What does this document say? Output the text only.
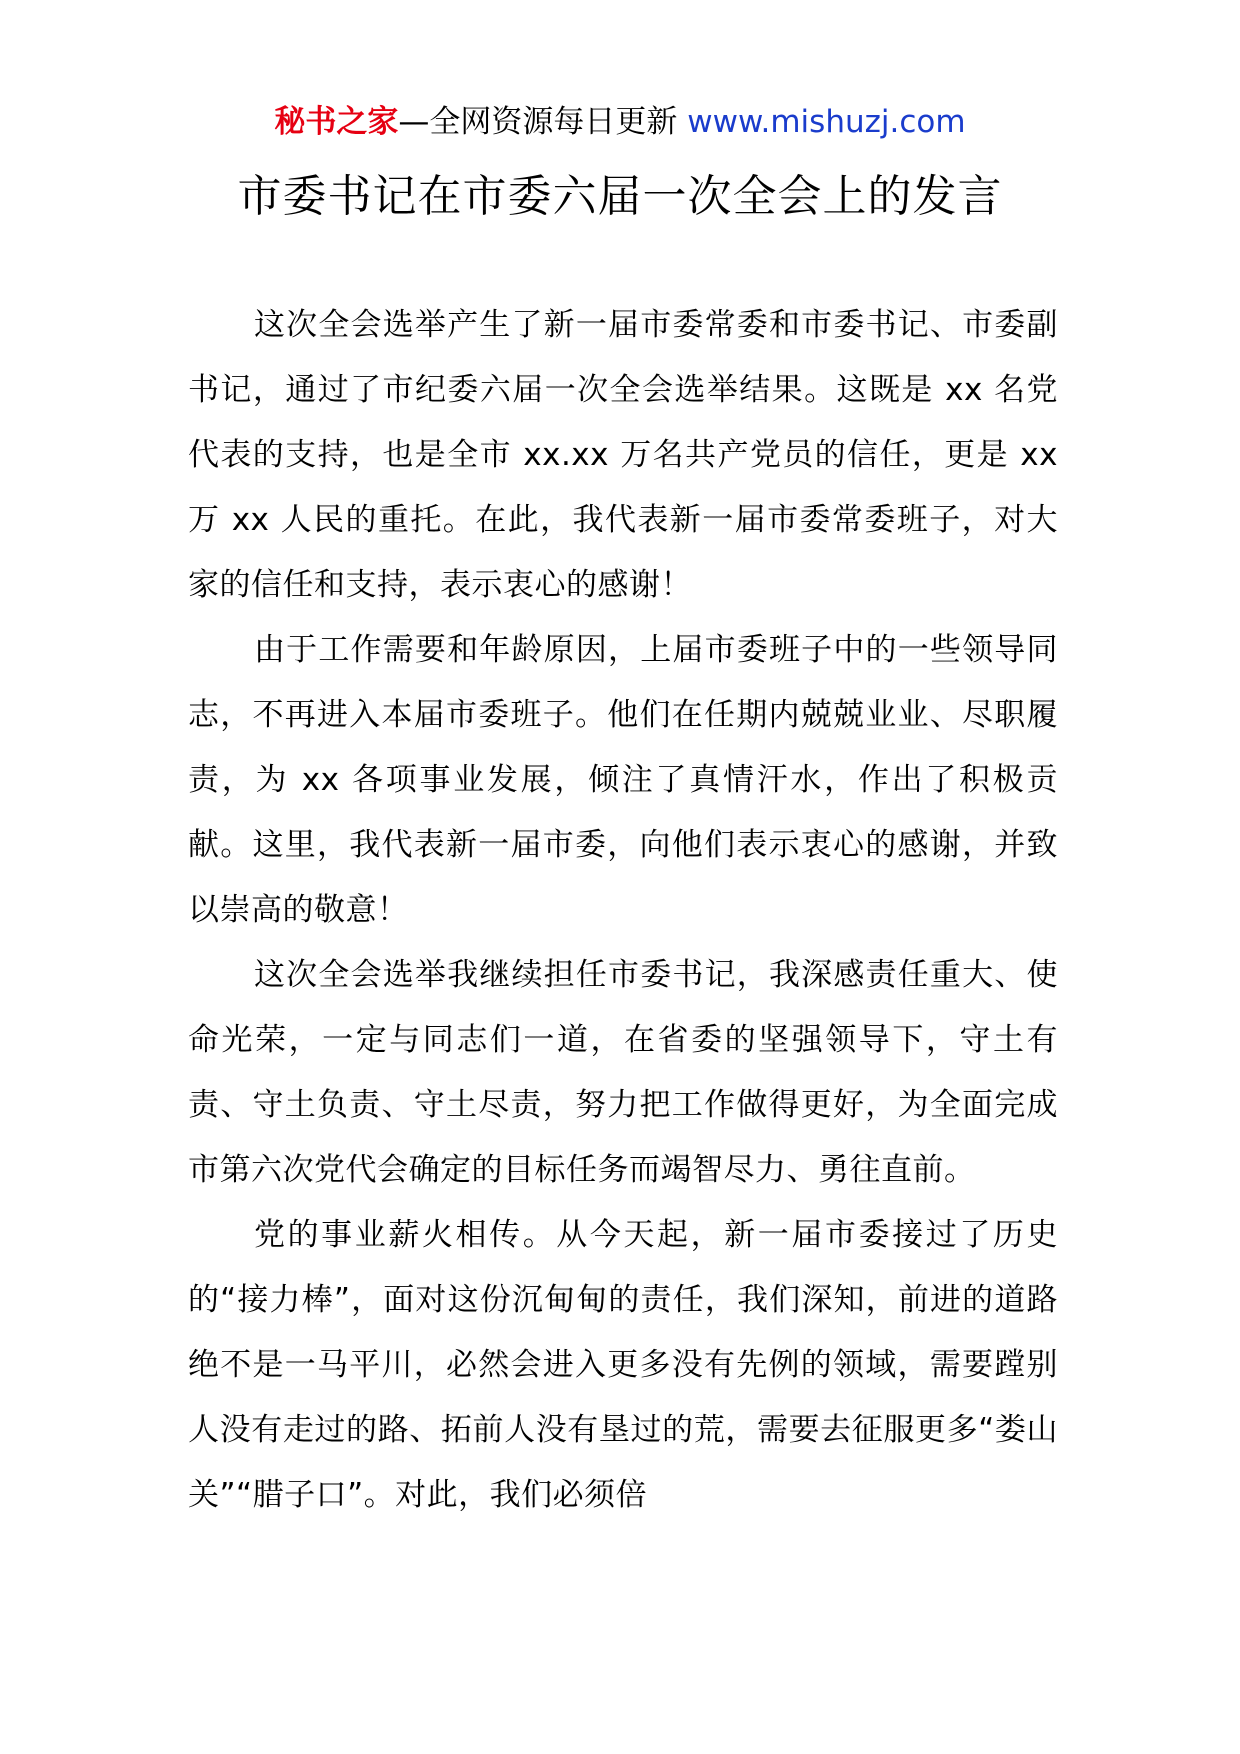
秘书之家—全网资源每日更新 www.mishuzj.com
市委书记在市委六届一次全会上的发言

这次全会选举产生了新一届市委常委和市委书记、市委副书记，通过了市纪委六届一次全会选举结果。这既是 xx 名党代表的支持，也是全市 xx.xx 万名共产党员的信任，更是 xx 万 xx 人民的重托。在此，我代表新一届市委常委班子，对大家的信任和支持，表示衷心的感谢！

由于工作需要和年龄原因，上届市委班子中的一些领导同志，不再进入本届市委班子。他们在任期内兢兢业业、尽职履责，为 xx 各项事业发展，倾注了真情汗水，作出了积极贡献。这里，我代表新一届市委，向他们表示衷心的感谢，并致以崇高的敬意！

这次全会选举我继续担任市委书记，我深感责任重大、使命光荣，一定与同志们一道，在省委的坚强领导下，守土有责、守土负责、守土尽责，努力把工作做得更好，为全面完成市第六次党代会确定的目标任务而竭智尽力、勇往直前。

党的事业薪火相传。从今天起，新一届市委接过了历史的“接力棒”，面对这份沉甸甸的责任，我们深知，前进的道路绝不是一马平川，必然会进入更多没有先例的领域，需要蹚别人没有走过的路、拓前人没有垦过的荒，需要去征服更多“娄山关”“腊子口”。对此，我们必须倍
